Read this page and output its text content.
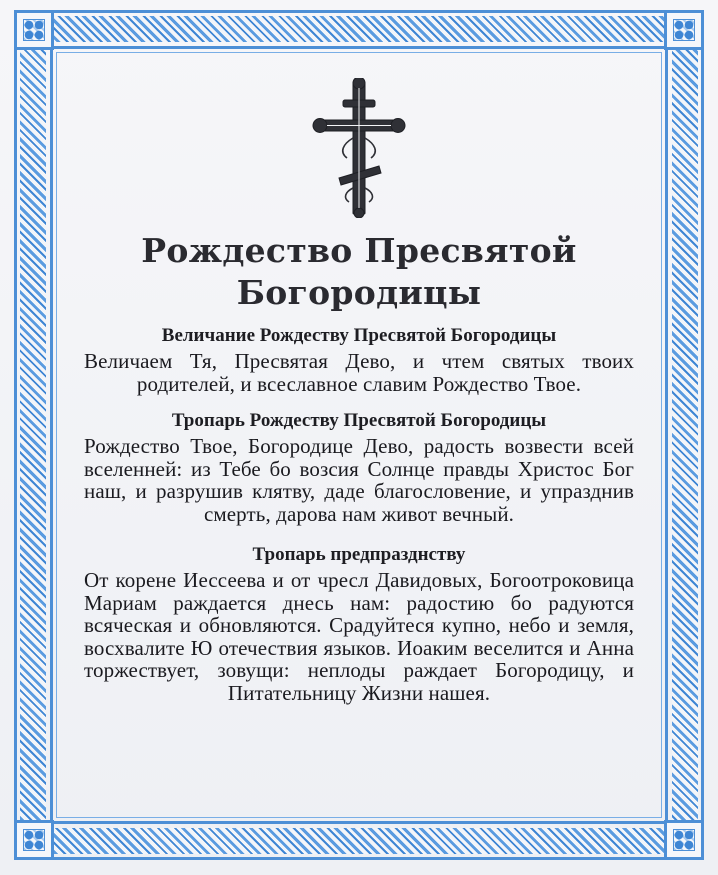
Рождество Пресвятой Богородицы
Величание Рождеству Пресвятой Богородицы

Величаем Тя, Пресвятая Дево, и чтем святых твоих родителей, и всеславное славим Рождество Твое.

Тропарь Рождеству Пресвятой Богородицы

Рождество Твое, Богородице Дево, радость возвести всей вселенней: из Тебе бо возсия Солнце правды Христос Бог наш, и разрушив клятву, даде благословение, и упразднив смерть, дарова нам живот вечный.

Тропарь предпразднству

От корене Иессеева и от чресл Давидовых, Богоотроковица Мариам раждается днесь нам: радостию бо радуются всяческая и обновляются. Срадуйтеся купно, небо и земля, восхвалите Ю отечествия языков. Иоаким веселится и Анна торжествует, зовущи: неплоды раждает Богородицу, и Питательницу Жизни нашея.
